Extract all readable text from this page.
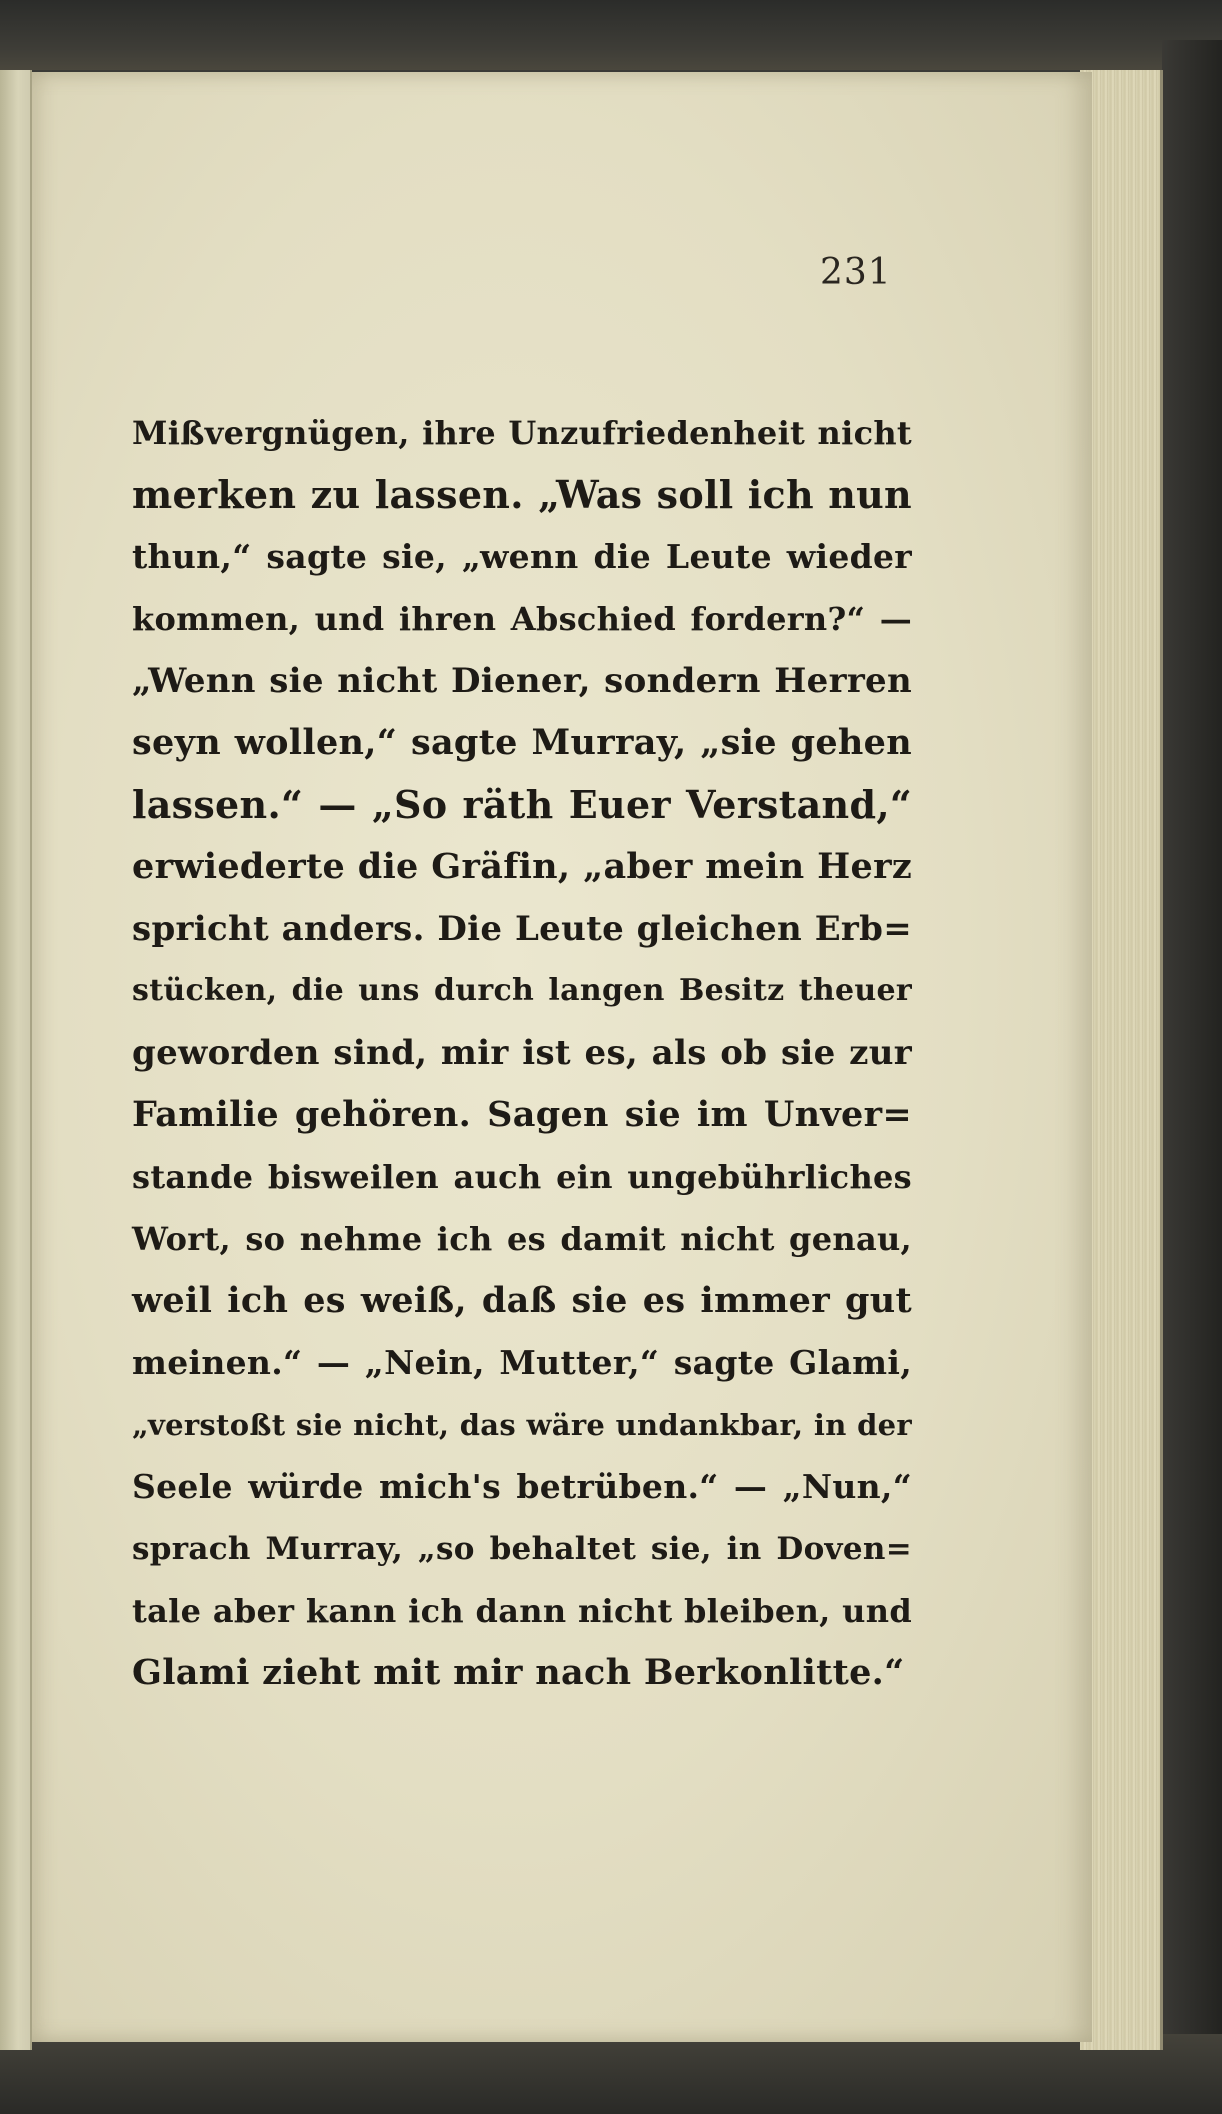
231
Mißvergnügen, ihre Unzufriedenheit nicht
merken zu lassen. „Was soll ich nun
thun,“ sagte sie, „wenn die Leute wieder
kommen, und ihren Abschied fordern?“ —
„Wenn sie nicht Diener, sondern Herren
seyn wollen,“ sagte Murray, „sie gehen
lassen.“ — „So räth Euer Verstand,“
erwiederte die Gräfin, „aber mein Herz
spricht anders. Die Leute gleichen Erb=
stücken, die uns durch langen Besitz theuer
geworden sind, mir ist es, als ob sie zur
Familie gehören. Sagen sie im Unver=
stande bisweilen auch ein ungebührliches
Wort, so nehme ich es damit nicht genau,
weil ich es weiß, daß sie es immer gut
meinen.“ — „Nein, Mutter,“ sagte Glami,
„verstoßt sie nicht, das wäre undankbar, in der
Seele würde mich's betrüben.“ — „Nun,“
sprach Murray, „so behaltet sie, in Doven=
tale aber kann ich dann nicht bleiben, und
Glami zieht mit mir nach Berkonlitte.“
